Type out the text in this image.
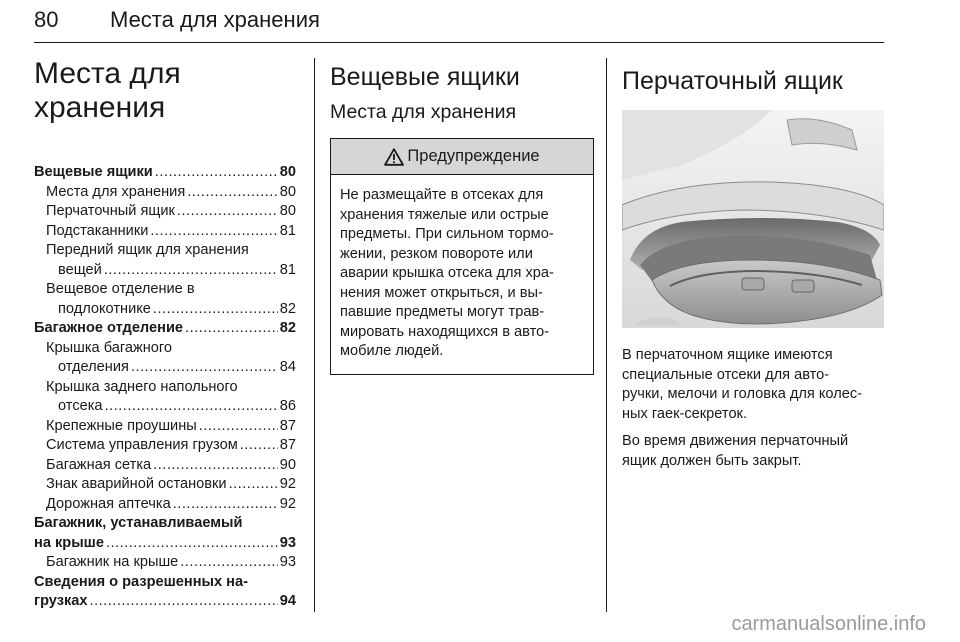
80 Места для хранения
Места для
хранения
Вещевые ящики .....	80
Места для хранения .....	80
Перчаточный ящик .....	80
Подстаканники .....	81
Передний ящик для хранения
вещей .....	81
Вещевое отделение в
подлокотнике .....	82
Багажное отделение .....	82
Крышка багажного
отделения .....	84
Крышка заднего напольного
отсека .....	86
Крепежные проушины .....	87
Система управления грузом .....	87
Багажная сетка .....	90
Знак аварийной остановки .....	92
Дорожная аптечка .....	92
Багажник, устанавливаемый
на крыше .....	93
Багажник на крыше .....	93
Сведения о разрешенных на-
грузках .....	94
Вещевые ящики
Места для хранения
Предупреждение
Не размещайте в отсеках для
хранения тяжелые или острые
предметы. При сильном тормо-
жении, резком повороте или
аварии крышка отсека для хра-
нения может открыться, и вы-
павшие предметы могут трав-
мировать находящихся в авто-
мобиле людей.
Перчаточный ящик

В перчаточном ящике имеются
специальные отсеки для авто-
ручки, мелочи и головка для колес-
ных гаек-секреток.

Во время движения перчаточный
ящик должен быть закрыт.

carmanualsonline.info
